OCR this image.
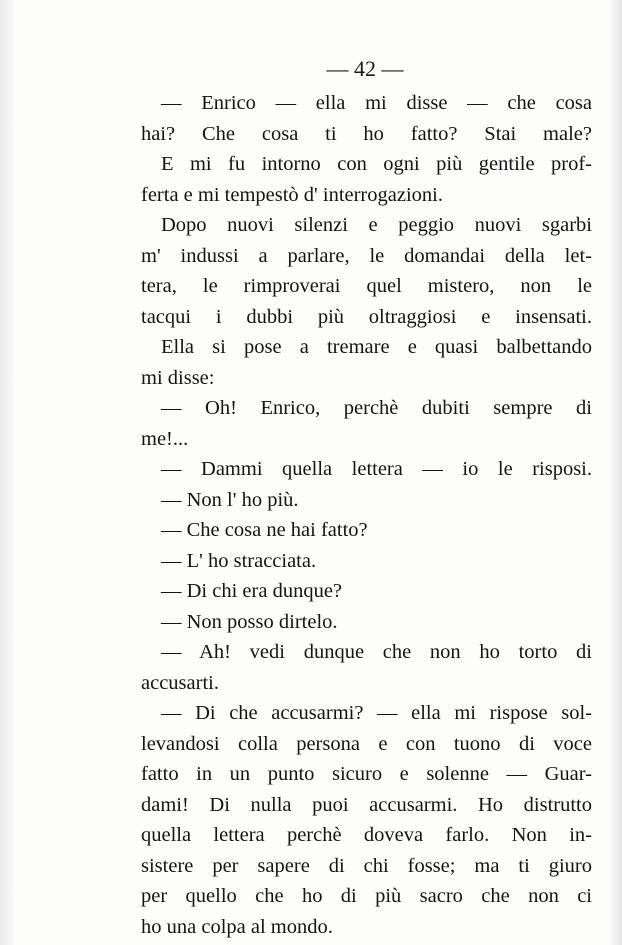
— 42 —
— Enrico — ella mi disse — che cosa
hai? Che cosa ti ho fatto? Stai male?
E mi fu intorno con ogni più gentile prof-
ferta e mi tempestò d' interrogazioni.
Dopo nuovi silenzi e peggio nuovi sgarbi
m' indussi a parlare, le domandai della let-
tera, le rimproverai quel mistero, non le
tacqui i dubbi più oltraggiosi e insensati.
Ella si pose a tremare e quasi balbettando
mi disse:
— Oh! Enrico, perchè dubiti sempre di
me!...
— Dammi quella lettera — io le risposi.
— Non l' ho più.
— Che cosa ne hai fatto?
— L' ho stracciata.
— Di chi era dunque?
— Non posso dirtelo.
— Ah! vedi dunque che non ho torto di
accusarti.
— Di che accusarmi? — ella mi rispose sol-
levandosi colla persona e con tuono di voce
fatto in un punto sicuro e solenne — Guar-
dami! Di nulla puoi accusarmi. Ho distrutto
quella lettera perchè doveva farlo. Non in-
sistere per sapere di chi fosse; ma ti giuro
per quello che ho di più sacro che non ci
ho una colpa al mondo.
